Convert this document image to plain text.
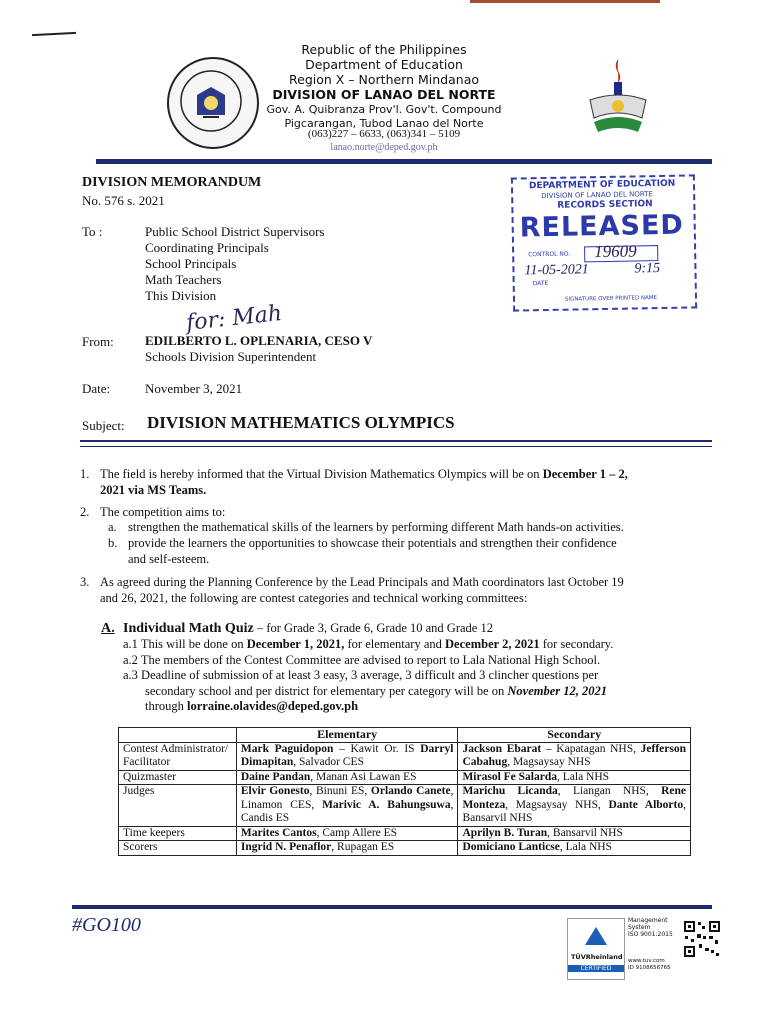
Republic of the Philippines
Department of Education
Region X – Northern Mindanao
DIVISION OF LANAO DEL NORTE
Gov. A. Quibranza Prov'l. Gov't. Compound
Pigcarangan, Tubod Lanao del Norte
(063)227 – 6633, (063)341 – 5109
lanao.norte@deped.gov.ph
DIVISION MEMORANDUM
No. 576 s. 2021
To :	Public School District Supervisors
Coordinating Principals
School Principals
Math Teachers
This Division
for: Mah
From: EDILBERTO L. OPLENARIA, CESO V
Schools Division Superintendent
Date:	November 3, 2021
Subject: DIVISION MATHEMATICS OLYMPICS
DEPARTMENT OF EDUCATION
DIVISION OF LANAO DEL NORTE
RECORDS SECTION
RELEASED
CONTROL NO. 19609
11-05-2021	9:15
DATE
SIGNATURE OVER PRINTED NAME
1. The field is hereby informed that the Virtual Division Mathematics Olympics will be on December 1 – 2,
2021 via MS Teams.
2. The competition aims to:
a. strengthen the mathematical skills of the learners by performing different Math hands-on activities.
b. provide the learners the opportunities to showcase their potentials and strengthen their confidence
and self-esteem.
3. As agreed during the Planning Conference by the Lead Principals and Math coordinators last October 19
and 26, 2021, the following are contest categories and technical working committees:
A. Individual Math Quiz – for Grade 3, Grade 6, Grade 10 and Grade 12
a.1 This will be done on December 1, 2021, for elementary and December 2, 2021 for secondary.
a.2 The members of the Contest Committee are advised to report to Lala National High School.
a.3 Deadline of submission of at least 3 easy, 3 average, 3 difficult and 3 clincher questions per
secondary school and per district for elementary per category will be on November 12, 2021
through lorraine.olavides@deped.gov.ph
	Elementary	Secondary
Contest Administrator/ Facilitator	Mark Paguidopon – Kawit Or. IS Darryl Dimapitan, Salvador CES	Jackson Ebarat – Kapatagan NHS, Jefferson Cabahug, Magsaysay NHS
Quizmaster	Daine Pandan, Manan Asi Lawan ES	Mirasol Fe Salarda, Lala NHS
Judges	Elvir Gonesto, Binuni ES, Orlando Canete, Linamon CES, Marivic A. Bahungsuwa, Candis ES	Marichu Licanda, Liangan NHS, Rene Monteza, Magsaysay NHS, Dante Alborto, Bansarvil NHS
Time keepers	Marites Cantos, Camp Allere ES	Aprilyn B. Turan, Bansarvil NHS
Scorers	Ingrid N. Penaflor, Rupagan ES	Domiciano Lanticse, Lala NHS
#GO100
TÜVRheinland
CERTIFIED
Management
System
ISO 9001:2015
www.tuv.com
ID 9108656765
